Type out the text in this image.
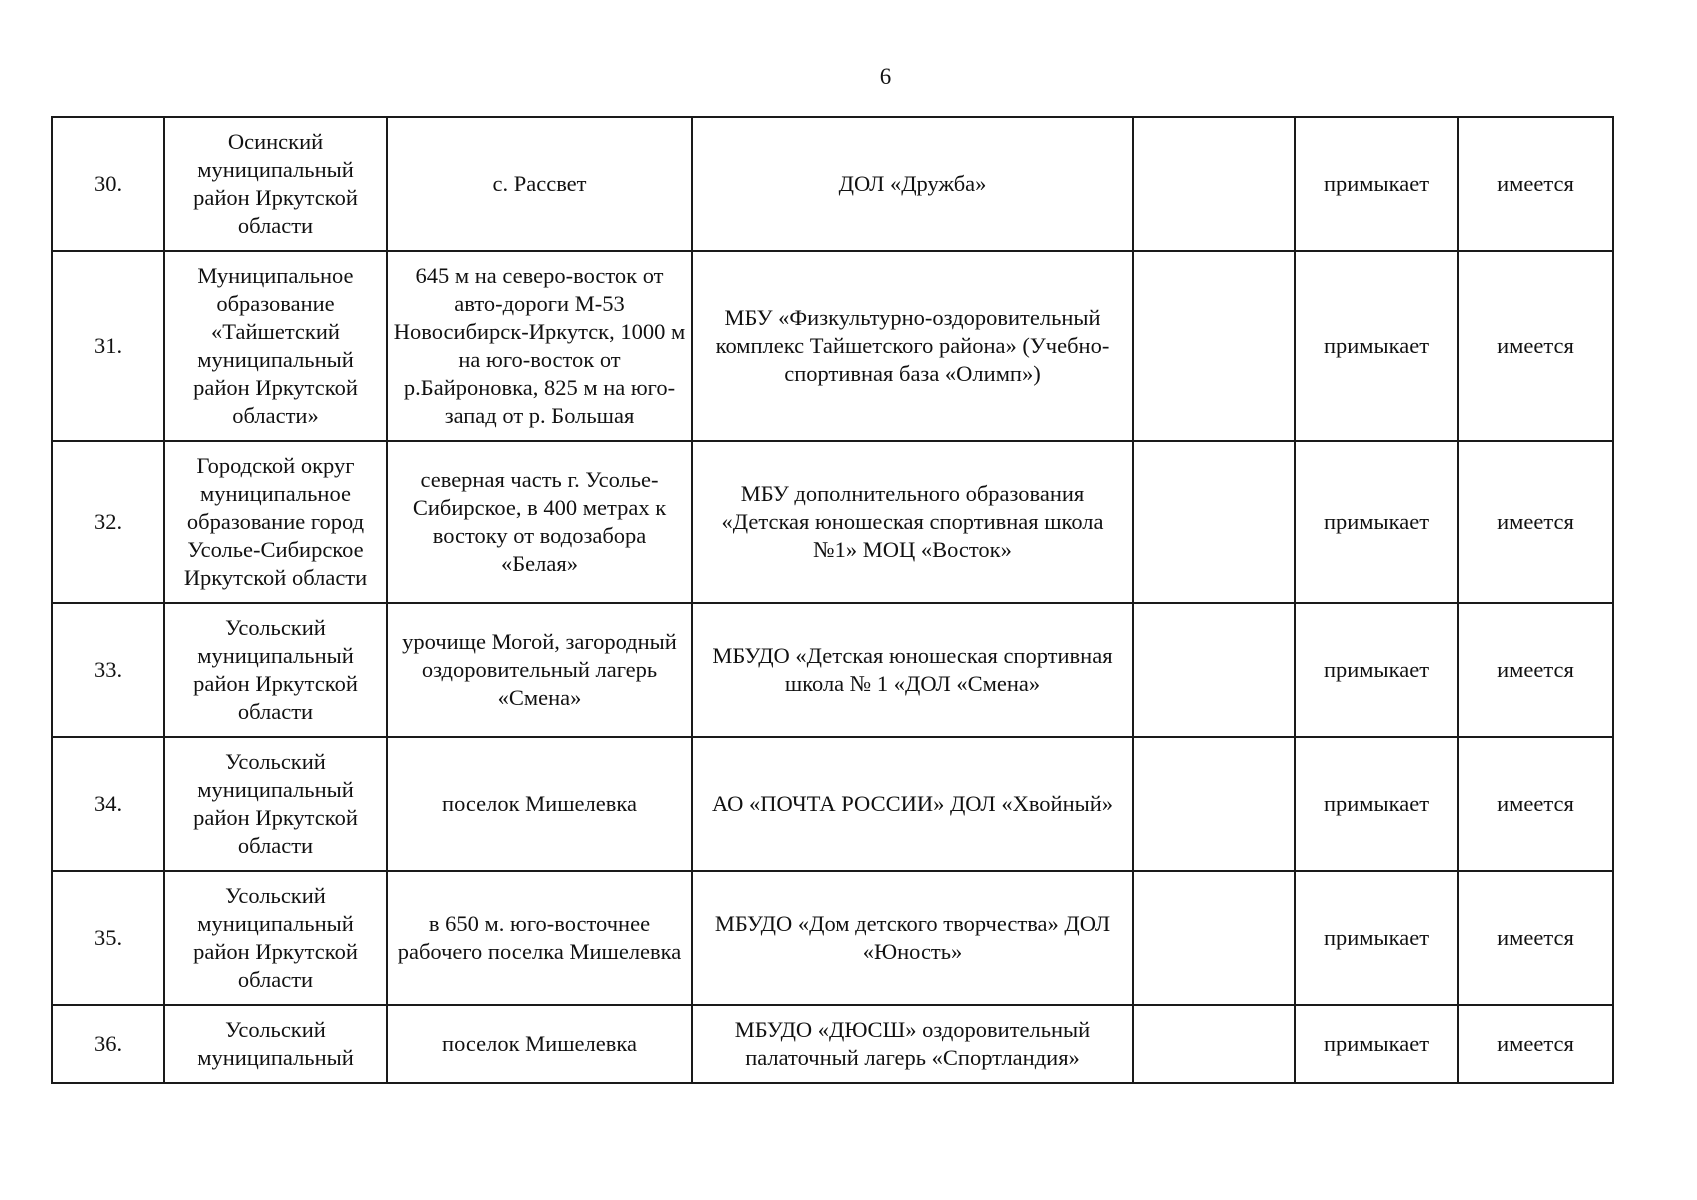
6
30.	Осинский муниципальный район Иркутской области	с. Рассвет	ДОЛ «Дружба»		примыкает	имеется
31.	Муниципальное образование «Тайшетский муниципальный район Иркутской области»	645 м на северо-восток от авто-дороги М-53 Новосибирск-Иркутск, 1000 м на юго-восток от р.Байроновка, 825 м на юго-запад от р. Большая	МБУ «Физкультурно-оздоровительный комплекс Тайшетского района» (Учебно-спортивная база «Олимп»)		примыкает	имеется
32.	Городской округ муниципальное образование город Усолье-Сибирское Иркутской области	северная часть г. Усолье-Сибирское, в 400 метрах к востоку от водозабора «Белая»	МБУ дополнительного образования «Детская юношеская спортивная школа №1» МОЦ «Восток»		примыкает	имеется
33.	Усольский муниципальный район Иркутской области	урочище Могой, загородный оздоровительный лагерь «Смена»	МБУДО «Детская юношеская спортивная школа № 1 «ДОЛ «Смена»		примыкает	имеется
34.	Усольский муниципальный район Иркутской области	поселок Мишелевка	АО «ПОЧТА РОССИИ» ДОЛ «Хвойный»		примыкает	имеется
35.	Усольский муниципальный район Иркутской области	в 650 м. юго-восточнее рабочего поселка Мишелевка	МБУДО «Дом детского творчества» ДОЛ «Юность»		примыкает	имеется
36.	Усольский муниципальный	поселок Мишелевка	МБУДО «ДЮСШ» оздоровительный палаточный лагерь «Спортландия»		примыкает	имеется
